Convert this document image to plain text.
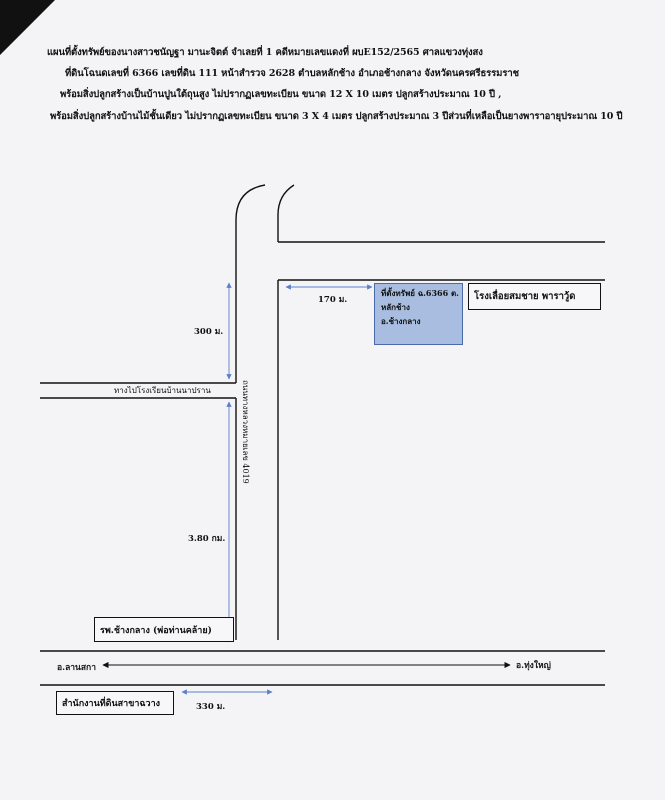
แผนที่ตั้งทรัพย์ของนางสาวชนัญฐา มานะจิตต์ จำเลยที่ 1 คดีหมายเลขแดงที่ ผบE152/2565 ศาลแขวงทุ่งสง
ที่ดินโฉนดเลขที่ 6366 เลขที่ดิน 111 หน้าสำรวจ 2628 ตำบลหลักช้าง อำเภอช้างกลาง จังหวัดนครศรีธรรมราช
พร้อมสิ่งปลูกสร้างเป็นบ้านปูนใต้ถุนสูง ไม่ปรากฏเลขทะเบียน ขนาด 12 X 10 เมตร ปลูกสร้างประมาณ 10 ปี ,
พร้อมสิ่งปลูกสร้างบ้านไม้ชั้นเดียว ไม่ปรากฏเลขทะเบียน ขนาด 3 X 4 เมตร ปลูกสร้างประมาณ 3 ปีส่วนที่เหลือเป็นยางพาราอายุประมาณ 10 ปี
ที่ตั้งทรัพย์ ฉ.6366 ต.
หลักช้าง
อ.ช้างกลาง
โรงเลื่อยสมชาย พาราวู้ด
170 ม.
300 ม.
3.80 กม.
330 ม.
ทางไปโรงเรียนบ้านนาปราน	ถนนทางหลวงหมายเลข 4019
รพ.ช้างกลาง (พ่อท่านคล้าย)
อ.ลานสกา	อ.ทุ่งใหญ่
สำนักงานที่ดินสาขาฉวาง
